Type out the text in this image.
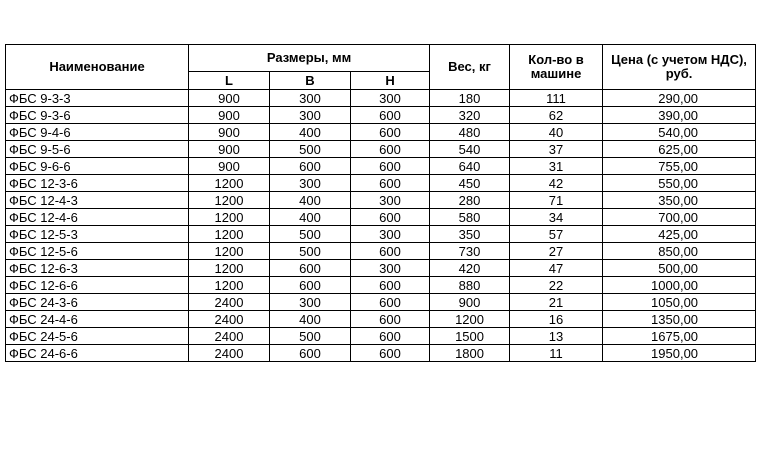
Наименование	Размеры, мм			Вес, кг	Кол-во в машине	Цена (с учетом НДС), руб.
	L	B	H			
ФБС 9-3-3	900	300	300	180	111	290,00
ФБС 9-3-6	900	300	600	320	62	390,00
ФБС 9-4-6	900	400	600	480	40	540,00
ФБС 9-5-6	900	500	600	540	37	625,00
ФБС 9-6-6	900	600	600	640	31	755,00
ФБС 12-3-6	1200	300	600	450	42	550,00
ФБС 12-4-3	1200	400	300	280	71	350,00
ФБС 12-4-6	1200	400	600	580	34	700,00
ФБС 12-5-3	1200	500	300	350	57	425,00
ФБС 12-5-6	1200	500	600	730	27	850,00
ФБС 12-6-3	1200	600	300	420	47	500,00
ФБС 12-6-6	1200	600	600	880	22	1000,00
ФБС 24-3-6	2400	300	600	900	21	1050,00
ФБС 24-4-6	2400	400	600	1200	16	1350,00
ФБС 24-5-6	2400	500	600	1500	13	1675,00
ФБС 24-6-6	2400	600	600	1800	11	1950,00
